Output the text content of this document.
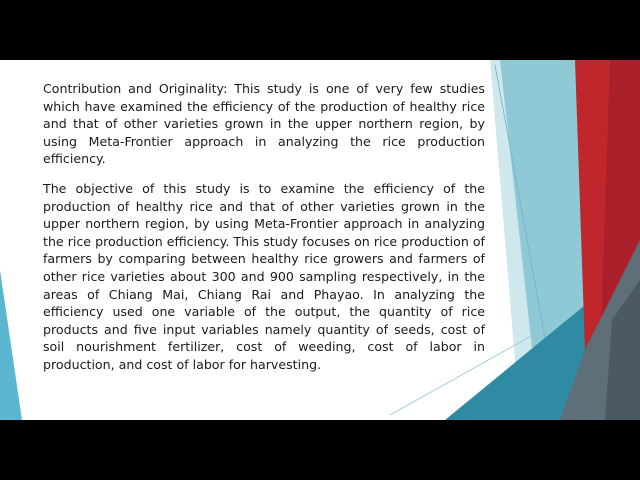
Contribution and Originality: This study is one of very few studies which have examined the efficiency of the production of healthy rice and that of other varieties grown in the upper northern region, by using Meta-Frontier approach in analyzing the rice production efficiency.

The objective of this study is to examine the efficiency of the production of healthy rice and that of other varieties grown in the upper northern region, by using Meta-Frontier approach in analyzing the rice production efficiency. This study focuses on rice production of farmers by comparing between healthy rice growers and farmers of other rice varieties about 300 and 900 sampling respectively, in the areas of Chiang Mai, Chiang Rai and Phayao. In analyzing the efficiency used one variable of the output, the quantity of rice products and five input variables namely quantity of seeds, cost of soil nourishment fertilizer, cost of weeding, cost of labor in production, and cost of labor for harvesting.
